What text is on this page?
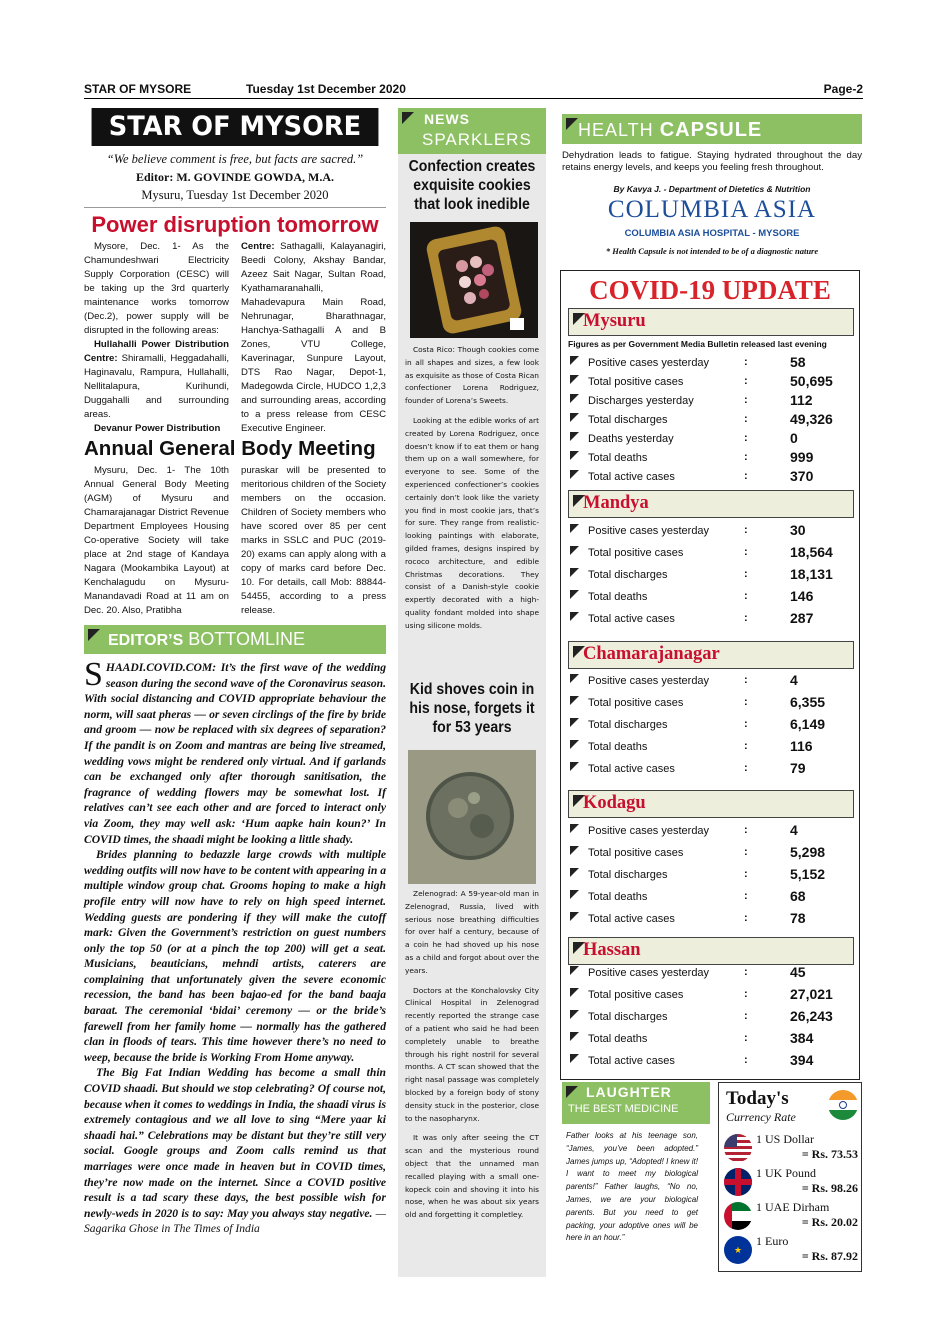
STAR OF MYSORE	Tuesday 1st December 2020	Page-2
STAR OF MYSORE
“We believe comment is free, but facts are sacred.”
Editor: M. GOVINDE GOWDA, M.A.
Mysuru, Tuesday 1st December 2020
Power disruption tomorrow

Mysore, Dec. 1- As the Chamundeshwari Electricity Supply Corporation (CESC) will be taking up the 3rd quarterly maintenance works tomorrow (Dec.2), power supply will be disrupted in the following areas:

Hullahalli Power Distribution Centre: Shiramalli, Heggadahalli, Haginavalu, Rampura, Hullahalli, Nellitalapura, Kurihundi, Duggahalli and surrounding areas.

Devanur Power Distribution

Centre: Sathagalli, Kalayanagiri, Beedi Colony, Akshay Bandar, Azeez Sait Nagar, Sultan Road, Kyathamaranahalli, Mahadevapura Main Road, Nehrunagar, Bharathnagar, Hanchya-Sathagalli A and B Zones, VTU College, Kaverinagar, Sunpure Layout, DTS Rao Nagar, Depot-1, Madegowda Circle, HUDCO 1,2,3 and surrounding areas, according to a press release from CESC Executive Engineer.

Annual General Body Meeting
Mysuru, Dec. 1- The 10th Annual General Body Meeting (AGM) of Mysuru and Chamarajanagar District Revenue Department Employees Housing Co-operative Society will take place at 2nd stage of Kandaya Nagara (Mookambika Layout) at Kenchalagudu on Mysuru-Manandavadi Road at 11 am on Dec. 20. Also, Pratibha
puraskar will be presented to meritorious children of the Society members on the occasion. Children of Society members who have scored over 85 per cent marks in SSLC and PUC (2019-20) exams can apply along with a copy of marks card before Dec. 10. For details, call Mob: 88844-54455, according to a press release.
EDITOR’S BOTTOMLINE

SHAADI.COVID.COM: It’s the first wave of the wedding season during the second wave of the Coronavirus season. With social distancing and COVID appropriate behaviour the norm, will saat pheras — or seven circlings of the fire by bride and groom — now be replaced with six degrees of separation? If the pandit is on Zoom and mantras are being live streamed, wedding vows might be rendered only virtual. And if garlands can be exchanged only after thorough sanitisation, the fragrance of wedding flowers may be somewhat lost. If relatives can’t see each other and are forced to interact only via Zoom, they may well ask: ‘Hum aapke hain koun?’ In COVID times, the shaadi might be looking a little shady.

Brides planning to bedazzle large crowds with multiple wedding outfits will now have to be content with appearing in a multiple window group chat. Grooms hoping to make a high profile entry will now have to rely on high speed internet. Wedding guests are pondering if they will make the cutoff mark: Given the Government’s restriction on guest numbers only the top 50 (or at a pinch the top 200) will get a seat. Musicians, beauticians, mehndi artists, caterers are complaining that unfortunately given the severe economic recession, the band has been bajao-ed for the band baaja baraat. The ceremonial ‘bidai’ ceremony — or the bride’s farewell from her family home — normally has the gathered clan in floods of tears. This time however there’s no need to weep, because the bride is Working From Home anyway.

The Big Fat Indian Wedding has become a small thin COVID shaadi. But should we stop celebrating? Of course not, because when it comes to weddings in India, the shaadi virus is extremely contagious and we all love to sing “Mere yaar ki shaadi hai.” Celebrations may be distant but they’re still very social. Google groups and Zoom calls remind us that marriages were once made in heaven but in COVID times, they’re now made on the internet. Since a COVID positive result is a tad scary these days, the best possible wish for newly-weds in 2020 is to say: May you always stay negative. — Sagarika Ghose in The Times of India

NEWS
SPARKLERS
Confection creates exquisite cookies that look inedible

Costa Rico: Though cookies come in all shapes and sizes, a few look as exquisite as those of Costa Rican confectioner Lorena Rodriguez, founder of Lorena’s Sweets.

Looking at the edible works of art created by Lorena Rodriguez, once doesn’t know if to eat them or hang them up on a wall somewhere, for everyone to see. Some of the experienced confectioner’s cookies certainly don’t look like the variety you find in most cookie jars, that’s for sure. They range from realistic-looking paintings with elaborate, gilded frames, designs inspired by rococo architecture, and edible Christmas decorations. They consist of a Danish-style cookie expertly decorated with a high-quality fondant molded into shape using silicone molds.

Kid shoves coin in his nose, forgets it for 53 years

Zelenograd: A 59-year-old man in Zelenograd, Russia, lived with serious nose breathing difficulties for over half a century, because of a coin he had shoved up his nose as a child and forgot about over the years.

Doctors at the Konchalovsky City Clinical Hospital in Zelenograd recently reported the strange case of a patient who said he had been completely unable to breathe through his right nostril for several months. A CT scan showed that the right nasal passage was completely blocked by a foreign body of stony density stuck in the posterior, close to the nasopharynx.

It was only after seeing the CT scan and the mysterious round object that the unnamed man recalled playing with a small one-kopeck coin and shoving it into his nose, when he was about six years old and forgetting it completley.

HEALTH CAPSULE
Dehydration leads to fatigue. Staying hydrated throughout the day retains energy levels, and keeps you feeling fresh throughout.
By Kavya J. - Department of Dietetics & Nutrition
COLUMBIA ASIA
COLUMBIA ASIA HOSPITAL - MYSORE
* Health Capsule is not intended to be of a diagnostic nature
COVID-19 UPDATE
Figures as per Government Media Bulletin released last evening
Mysuru
Positive cases yesterday	:	58
Total positive cases	:	50,695
Discharges yesterday	:	112
Total discharges	:	49,326
Deaths yesterday	:	0
Total deaths	:	999
Total active cases	:	370
Mandya
Positive cases yesterday	:	30
Total positive cases	:	18,564
Total discharges	:	18,131
Total deaths	:	146
Total active cases	:	287
Chamarajanagar
Positive cases yesterday	:	4
Total positive cases	:	6,355
Total discharges	:	6,149
Total deaths	:	116
Total active cases	:	79
Kodagu
Positive cases yesterday	:	4
Total positive cases	:	5,298
Total discharges	:	5,152
Total deaths	:	68
Total active cases	:	78
Hassan
Positive cases yesterday	:	45
Total positive cases	:	27,021
Total discharges	:	26,243
Total deaths	:	384
Total active cases	:	394
LAUGHTER
THE BEST MEDICINE
Father looks at his teenage son, “James, you’ve been adopted.” James jumps up, “Adopted! I knew it! I want to meet my biological parents!” Father laughs, “No no, James, we are your biological parents. But you need to get packing, your adoptive ones will be here in an hour.”
Today's
Currency Rate
1 US Dollar
= Rs. 73.53
1 UK Pound
= Rs. 98.26
1 UAE Dirham
= Rs. 20.02
★
1 Euro
= Rs. 87.92
